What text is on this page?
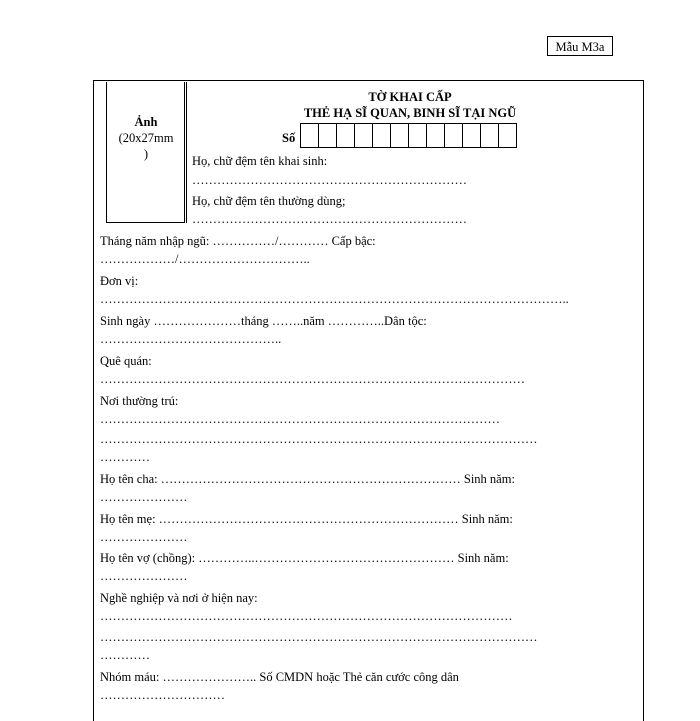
Mẫu M3a
Ảnh
(20x27mm
)
TỜ KHAI CẤP
THẺ HẠ SĨ QUAN, BINH SĨ TẠI NGŨ
Số
Họ, chữ đệm tên khai sinh:
…………………………………………………………
Họ, chữ đệm tên thường dùng;
…………………………………………………………
Tháng năm nhập ngũ: ……………/………… Cấp bậc:
………………/…………………………..
Đơn vị:
…………………………………………………………………………………………………..
Sinh ngày …………………tháng ……..năm …………..Dân tộc:
……………………………………..
Quê quán:
…………………………………………………………………………………………
Nơi thường trú:
……………………………………………………………………………………
……………………………………………………………………………………………
…………
Họ tên cha: ……………………………………………………………… Sinh năm:
…………………
Họ tên mẹ: ……………………………………………………………… Sinh năm:
…………………
Họ tên vợ (chồng): …………..………………………………………… Sinh năm:
…………………
Nghề nghiệp và nơi ở hiện nay:
………………………………………………………………………………………
……………………………………………………………………………………………
…………
Nhóm máu: ………………….. Số CMDN hoặc Thẻ căn cước công dân
…………………………
